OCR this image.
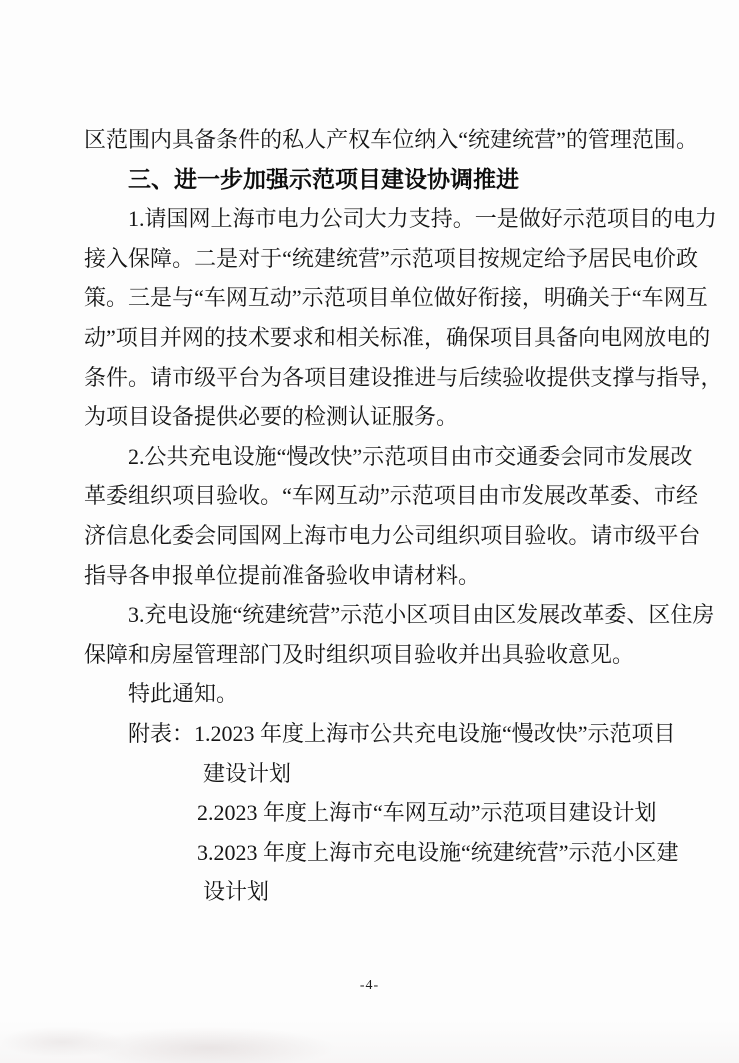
区 范 围 内 具 备 条 件 的 私 人 产 权 车 位 纳 入 “ 统 建 统 营 ” 的 管 理 范 围 。
三、进一步加强示范项目建设协调推进
1 . 请 国 网 上 海 市 电 力 公 司 大 力 支 持 。 一 是 做 好 示 范 项 目 的 电 力
接 入 保 障 。 二 是 对 于 “ 统 建 统 营 ” 示 范 项 目 按 规 定 给 予 居 民 电 价 政
策 。 三 是 与 “ 车 网 互 动 ” 示 范 项 目 单 位 做 好 衔 接 ， 明 确 关 于 “ 车 网 互
动 ” 项 目 并 网 的 技 术 要 求 和 相 关 标 准 ， 确 保 项 目 具 备 向 电 网 放 电 的
条 件 。 请 市 级 平 台 为 各 项 目 建 设 推 进 与 后 续 验 收 提 供 支 撑 与 指 导 ，
为项目设备提供必要的检测认证服务。
2 . 公 共 充 电 设 施 “ 慢 改 快 ” 示 范 项 目 由 市 交 通 委 会 同 市 发 展 改
革 委 组 织 项 目 验 收 。 “ 车 网 互 动 ” 示 范 项 目 由 市 发 展 改 革 委 、 市 经
济 信 息 化 委 会 同 国 网 上 海 市 电 力 公 司 组 织 项 目 验 收 。 请 市 级 平 台
指导各申报单位提前准备验收申请材料。
3 . 充 电 设 施 “ 统 建 统 营 ” 示 范 小 区 项 目 由 区 发 展 改 革 委 、 区 住 房
保障和房屋管理部门及时组织项目验收并出具验收意见。
特此通知。
附表：1.2023 年度上海市公共充电设施“慢改快”示范项目
建设计划
2.2023 年度上海市“车网互动”示范项目建设计划
3.2023 年度上海市充电设施“统建统营”示范小区建
设计划
-4-
